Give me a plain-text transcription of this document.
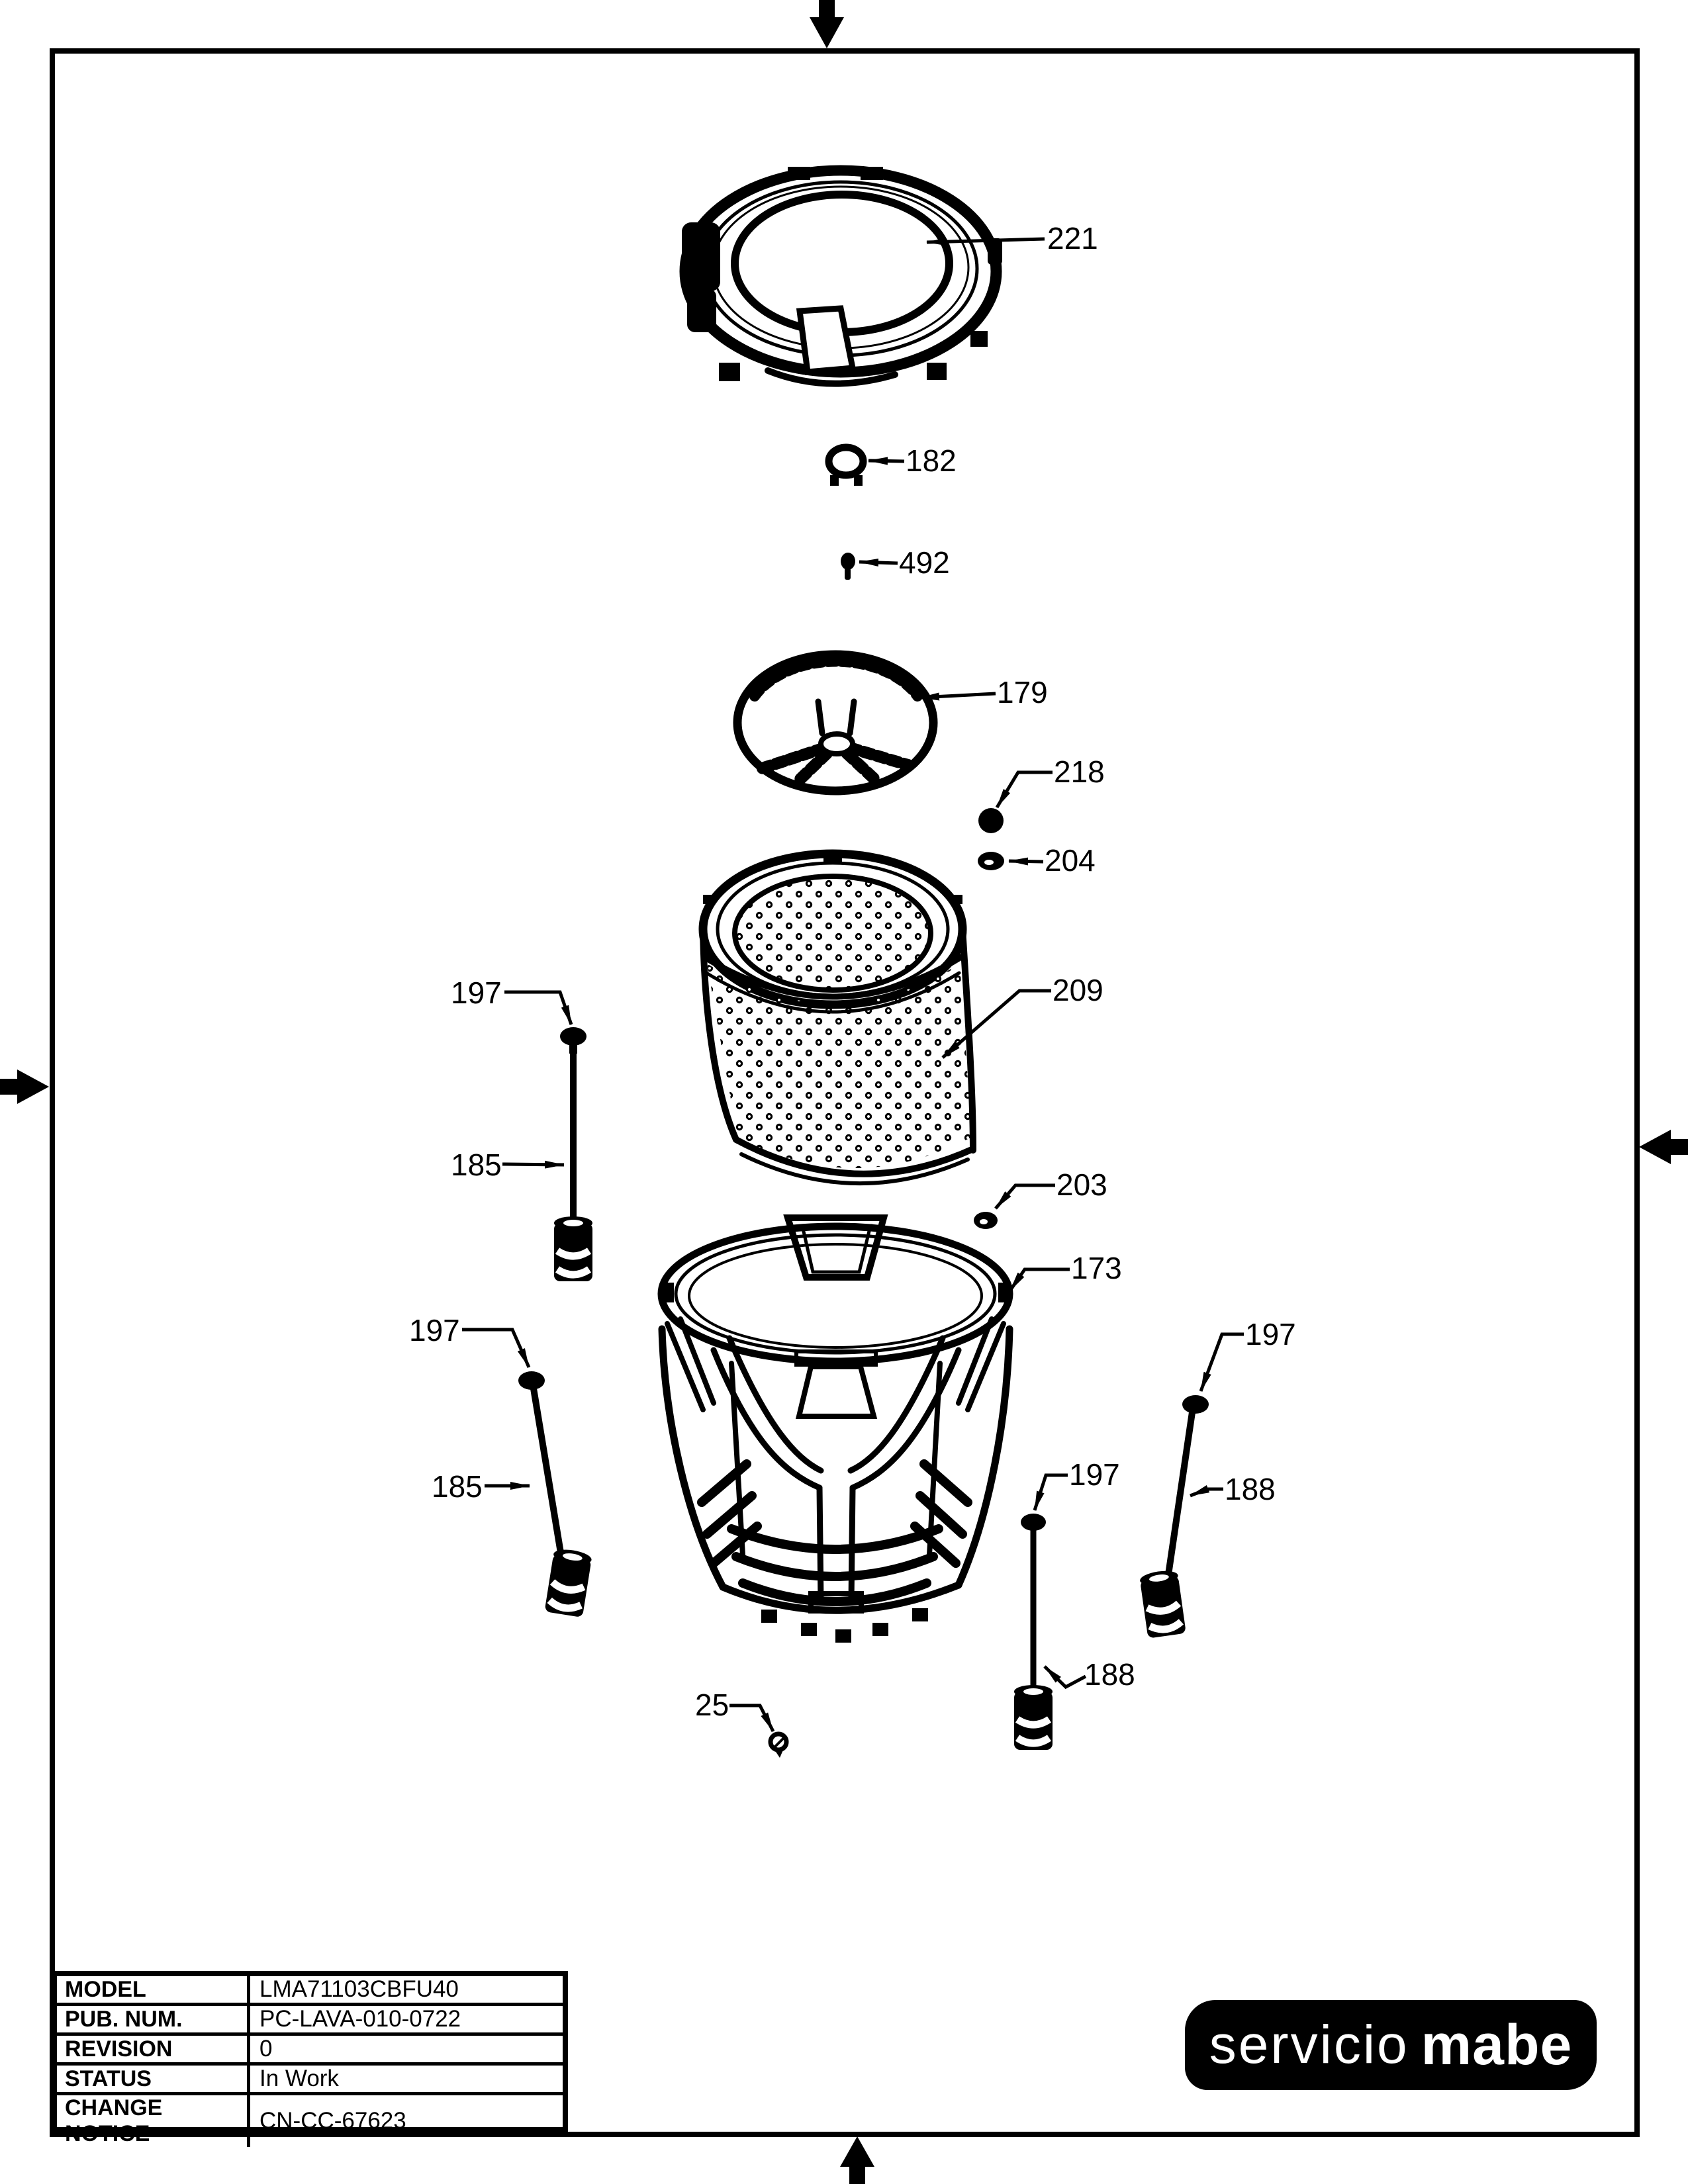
221
182
492
179
218
204
209
197
185
203
173
197	197
185	197	188
25
188
MODEL	LMA71103CBFU40
PUB. NUM.	PC-LAVA-010-0722
REVISION	0
STATUS	In Work
CHANGE NOTICE	CN-CC-67623
servicio mabe
